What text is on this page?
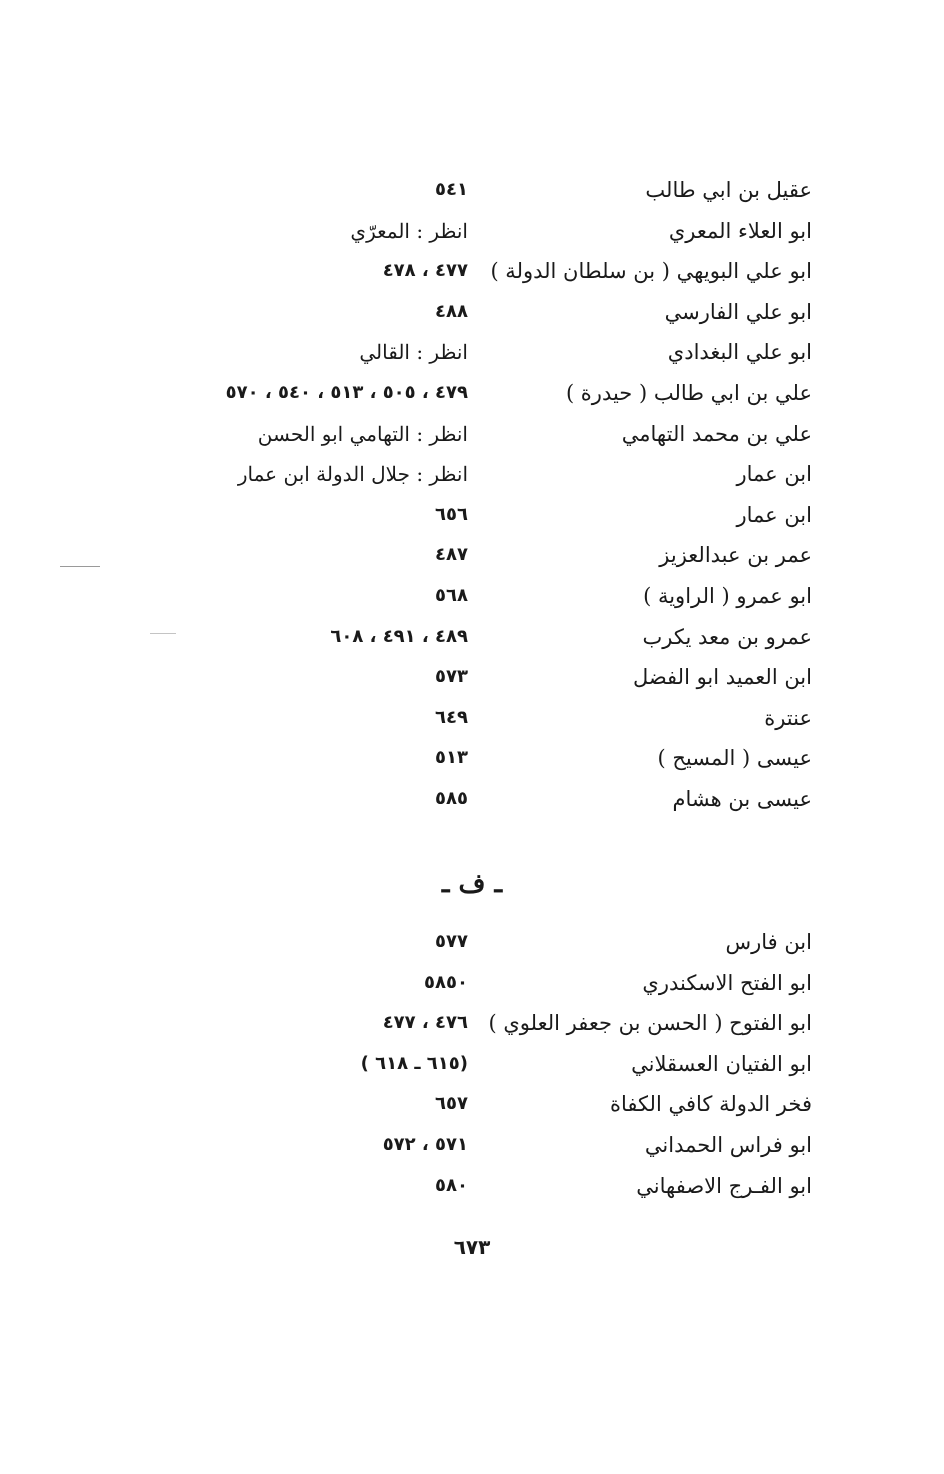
عقيل بن ابي طالب
٥٤١
ابو العلاء المعري
انظر : المعرّي
ابو علي البويهي ( بن سلطان الدولة )
٤٧٧ ، ٤٧٨
ابو علي الفارسي
٤٨٨
ابو علي البغدادي
انظر : القالي
علي بن ابي طالب ( حيدرة )
٤٧٩ ، ٥٠٥ ، ٥١٣ ، ٥٤٠ ، ٥٧٠
علي بن محمد التهامي
انظر : التهامي ابو الحسن
ابن عمار
انظر : جلال الدولة ابن عمار
ابن عمار
٦٥٦
عمر بن عبدالعزيز
٤٨٧
ابو عمرو ( الراوية )
٥٦٨
عمرو بن معد يكرب
٤٨٩ ، ٤٩١ ، ٦٠٨
ابن العميد ابو الفضل
٥٧٣
عنترة
٦٤٩
عيسى ( المسيح )
٥١٣
عيسى بن هشام
٥٨٥
ـ ف ـ
ابن فارس
٥٧٧
ابو الفتح الاسكندري
٥٨٥٠
ابو الفتوح ( الحسن بن جعفر العلوي )
٤٧٦ ، ٤٧٧
ابو الفتيان العسقلاني
(٦١٥ ـ ٦١٨ )
فخر الدولة كافي الكفاة
٦٥٧
ابو فراس الحمداني
٥٧١ ، ٥٧٢
ابو الفـرج الاصفهاني
٥٨٠
٦٧٣
